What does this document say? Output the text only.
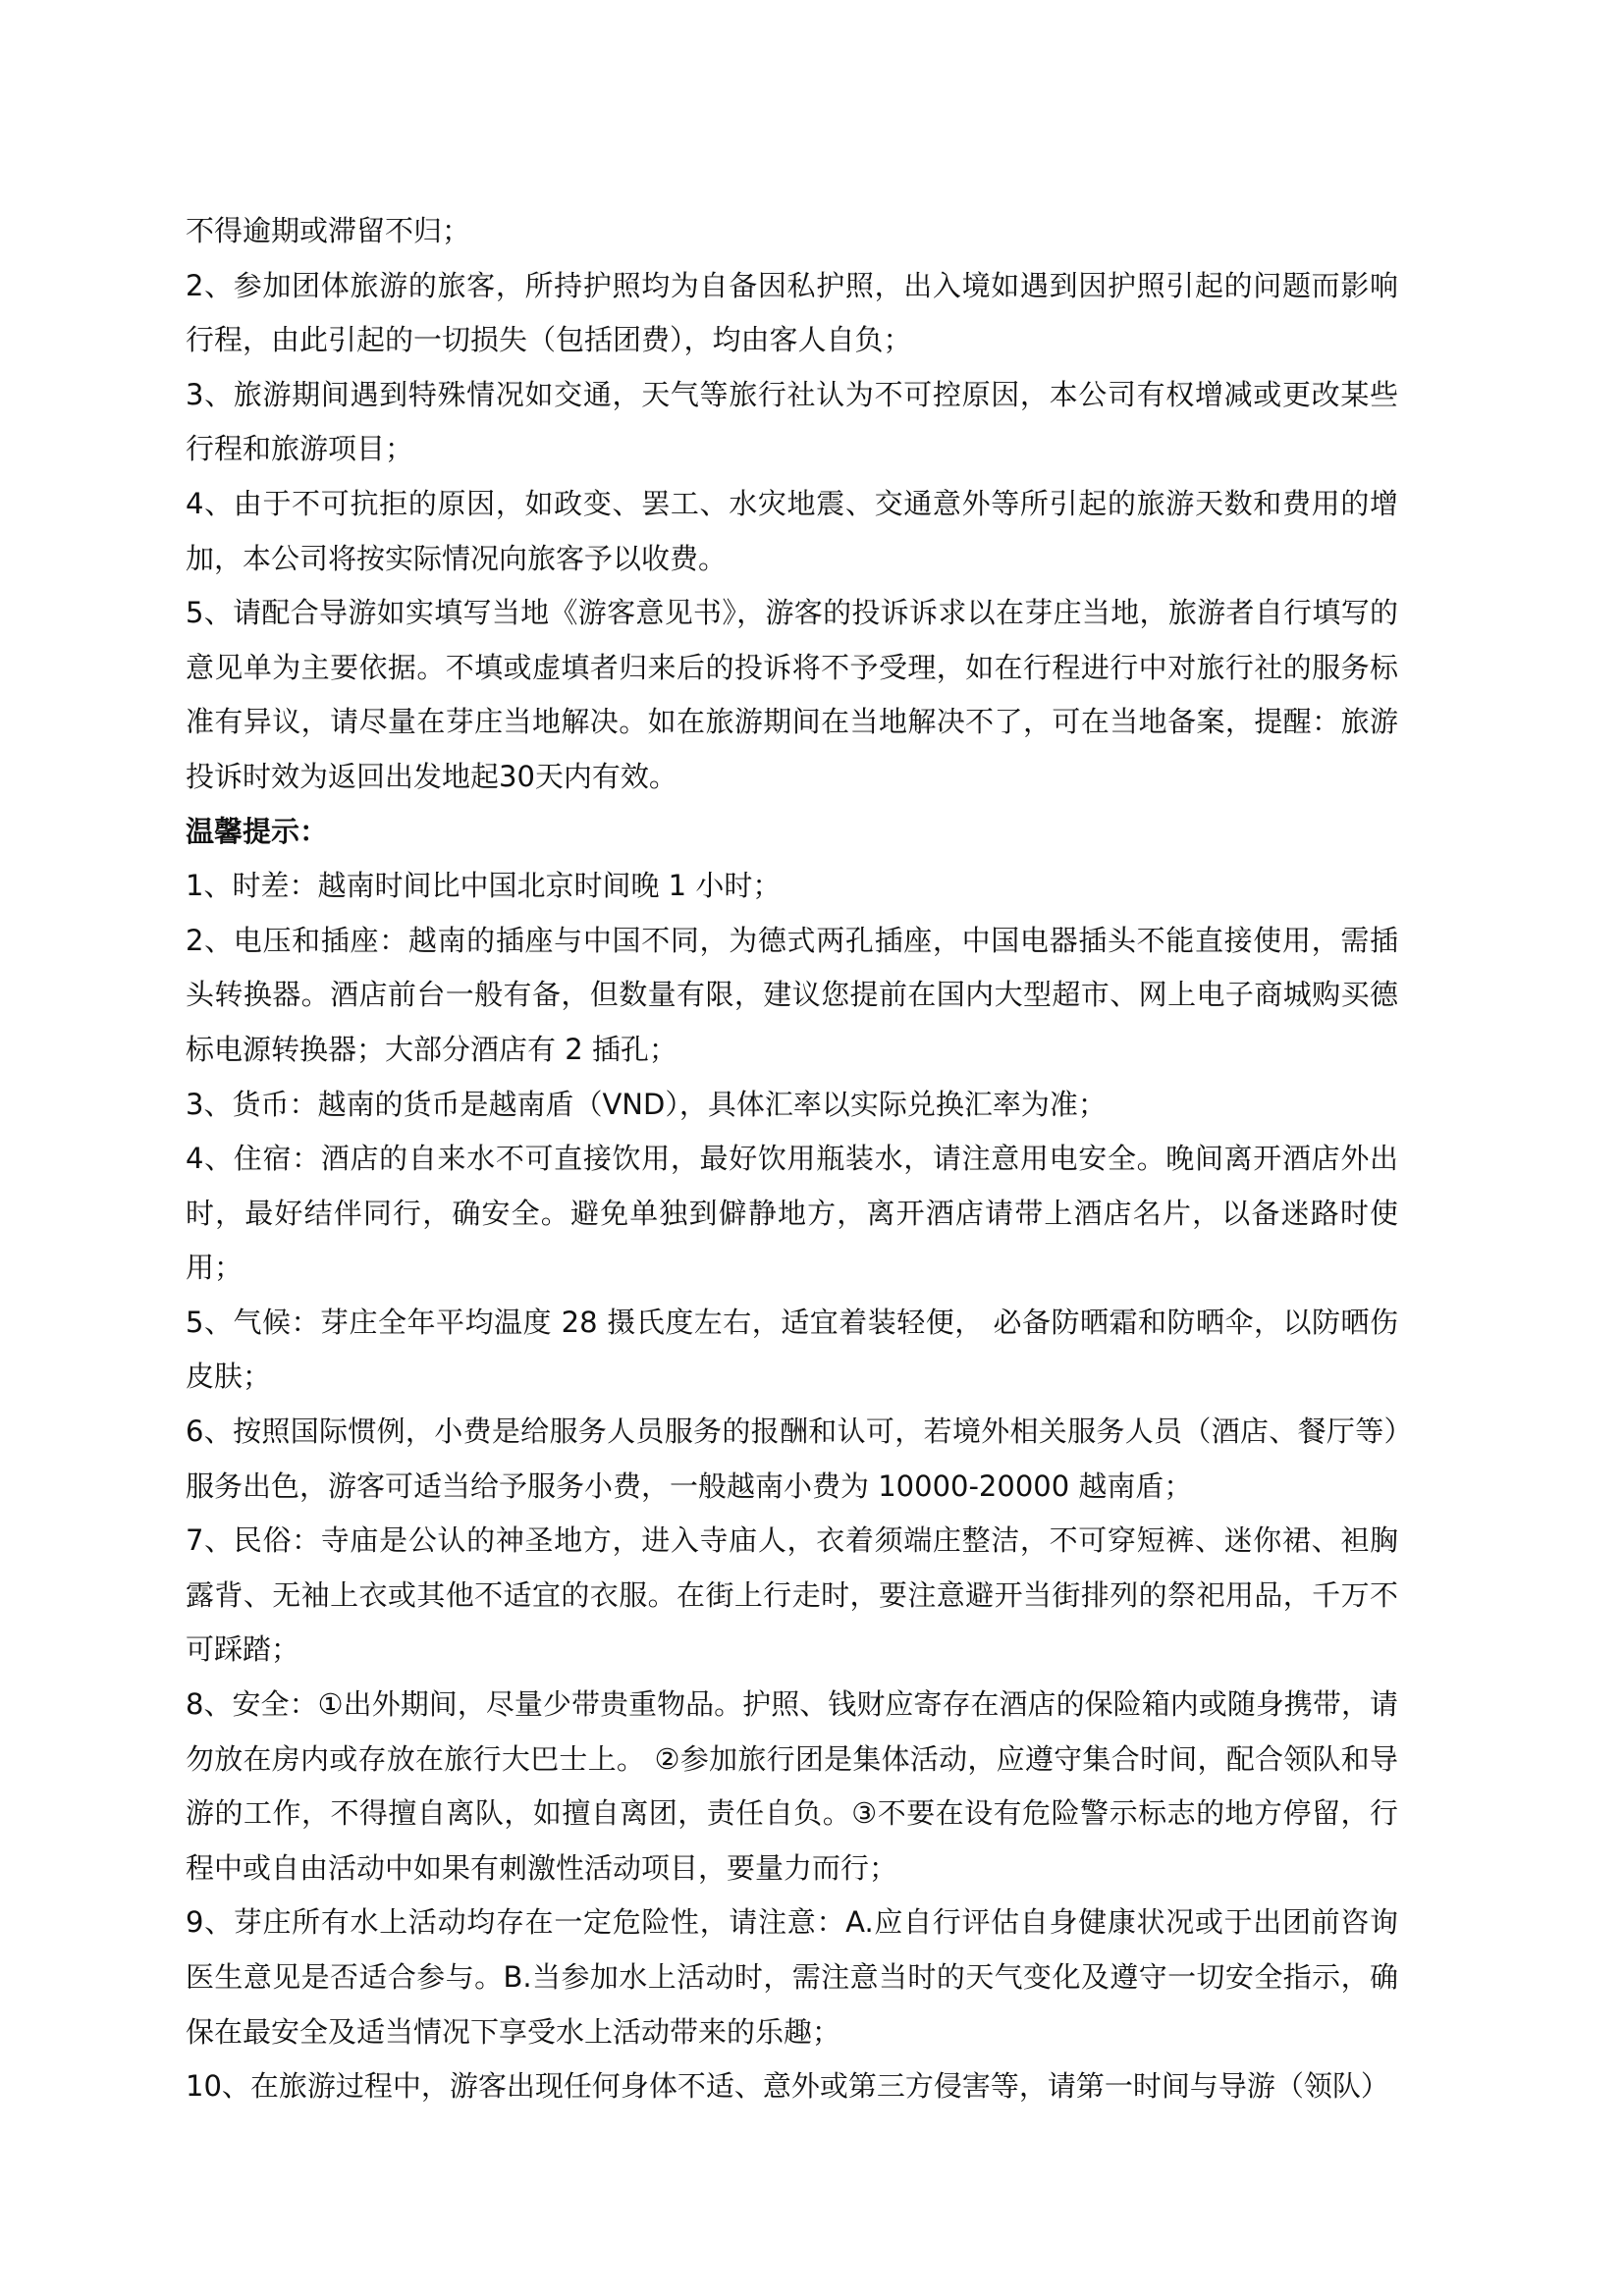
不得逾期或滞留不归；

2、参加团体旅游的旅客，所持护照均为自备因私护照，出入境如遇到因护照引起的问题而影响行程，由此引起的一切损失（包括团费），均由客人自负；

3、旅游期间遇到特殊情况如交通，天气等旅行社认为不可控原因，本公司有权增减或更改某些行程和旅游项目；

4、由于不可抗拒的原因，如政变、罢工、水灾地震、交通意外等所引起的旅游天数和费用的增加，本公司将按实际情况向旅客予以收费。

5、请配合导游如实填写当地《游客意见书》，游客的投诉诉求以在芽庄当地，旅游者自行填写的意见单为主要依据。不填或虚填者归来后的投诉将不予受理，如在行程进行中对旅行社的服务标准有异议，请尽量在芽庄当地解决。如在旅游期间在当地解决不了，可在当地备案，提醒：旅游投诉时效为返回出发地起30天内有效。

温馨提示：

1、时差：越南时间比中国北京时间晚 1 小时；

2、电压和插座：越南的插座与中国不同，为德式两孔插座，中国电器插头不能直接使用，需插头转换器。酒店前台一般有备，但数量有限，建议您提前在国内大型超市、网上电子商城购买德标电源转换器；大部分酒店有 2 插孔；

3、货币：越南的货币是越南盾（VND），具体汇率以实际兑换汇率为准；

4、住宿：酒店的自来水不可直接饮用，最好饮用瓶装水，请注意用电安全。晚间离开酒店外出时，最好结伴同行，确安全。避免单独到僻静地方，离开酒店请带上酒店名片，以备迷路时使用；

5、气候：芽庄全年平均温度 28 摄氏度左右，适宜着装轻便， 必备防晒霜和防晒伞，以防晒伤皮肤；

6、按照国际惯例，小费是给服务人员服务的报酬和认可，若境外相关服务人员（酒店、餐厅等）服务出色，游客可适当给予服务小费，一般越南小费为 10000-20000 越南盾；

7、民俗：寺庙是公认的神圣地方，进入寺庙人，衣着须端庄整洁，不可穿短裤、迷你裙、袒胸露背、无袖上衣或其他不适宜的衣服。在街上行走时，要注意避开当街排列的祭祀用品，千万不可踩踏；

8、安全：①出外期间，尽量少带贵重物品。护照、钱财应寄存在酒店的保险箱内或随身携带，请勿放在房内或存放在旅行大巴士上。 ②参加旅行团是集体活动，应遵守集合时间，配合领队和导游的工作，不得擅自离队，如擅自离团，责任自负。③不要在设有危险警示标志的地方停留，行程中或自由活动中如果有刺激性活动项目，要量力而行；

9、芽庄所有水上活动均存在一定危险性，请注意：A.应自行评估自身健康状况或于出团前咨询医生意见是否适合参与。B.当参加水上活动时，需注意当时的天气变化及遵守一切安全指示，确保在最安全及适当情况下享受水上活动带来的乐趣；

10、在旅游过程中，游客出现任何身体不适、意外或第三方侵害等，请第一时间与导游（领队）
